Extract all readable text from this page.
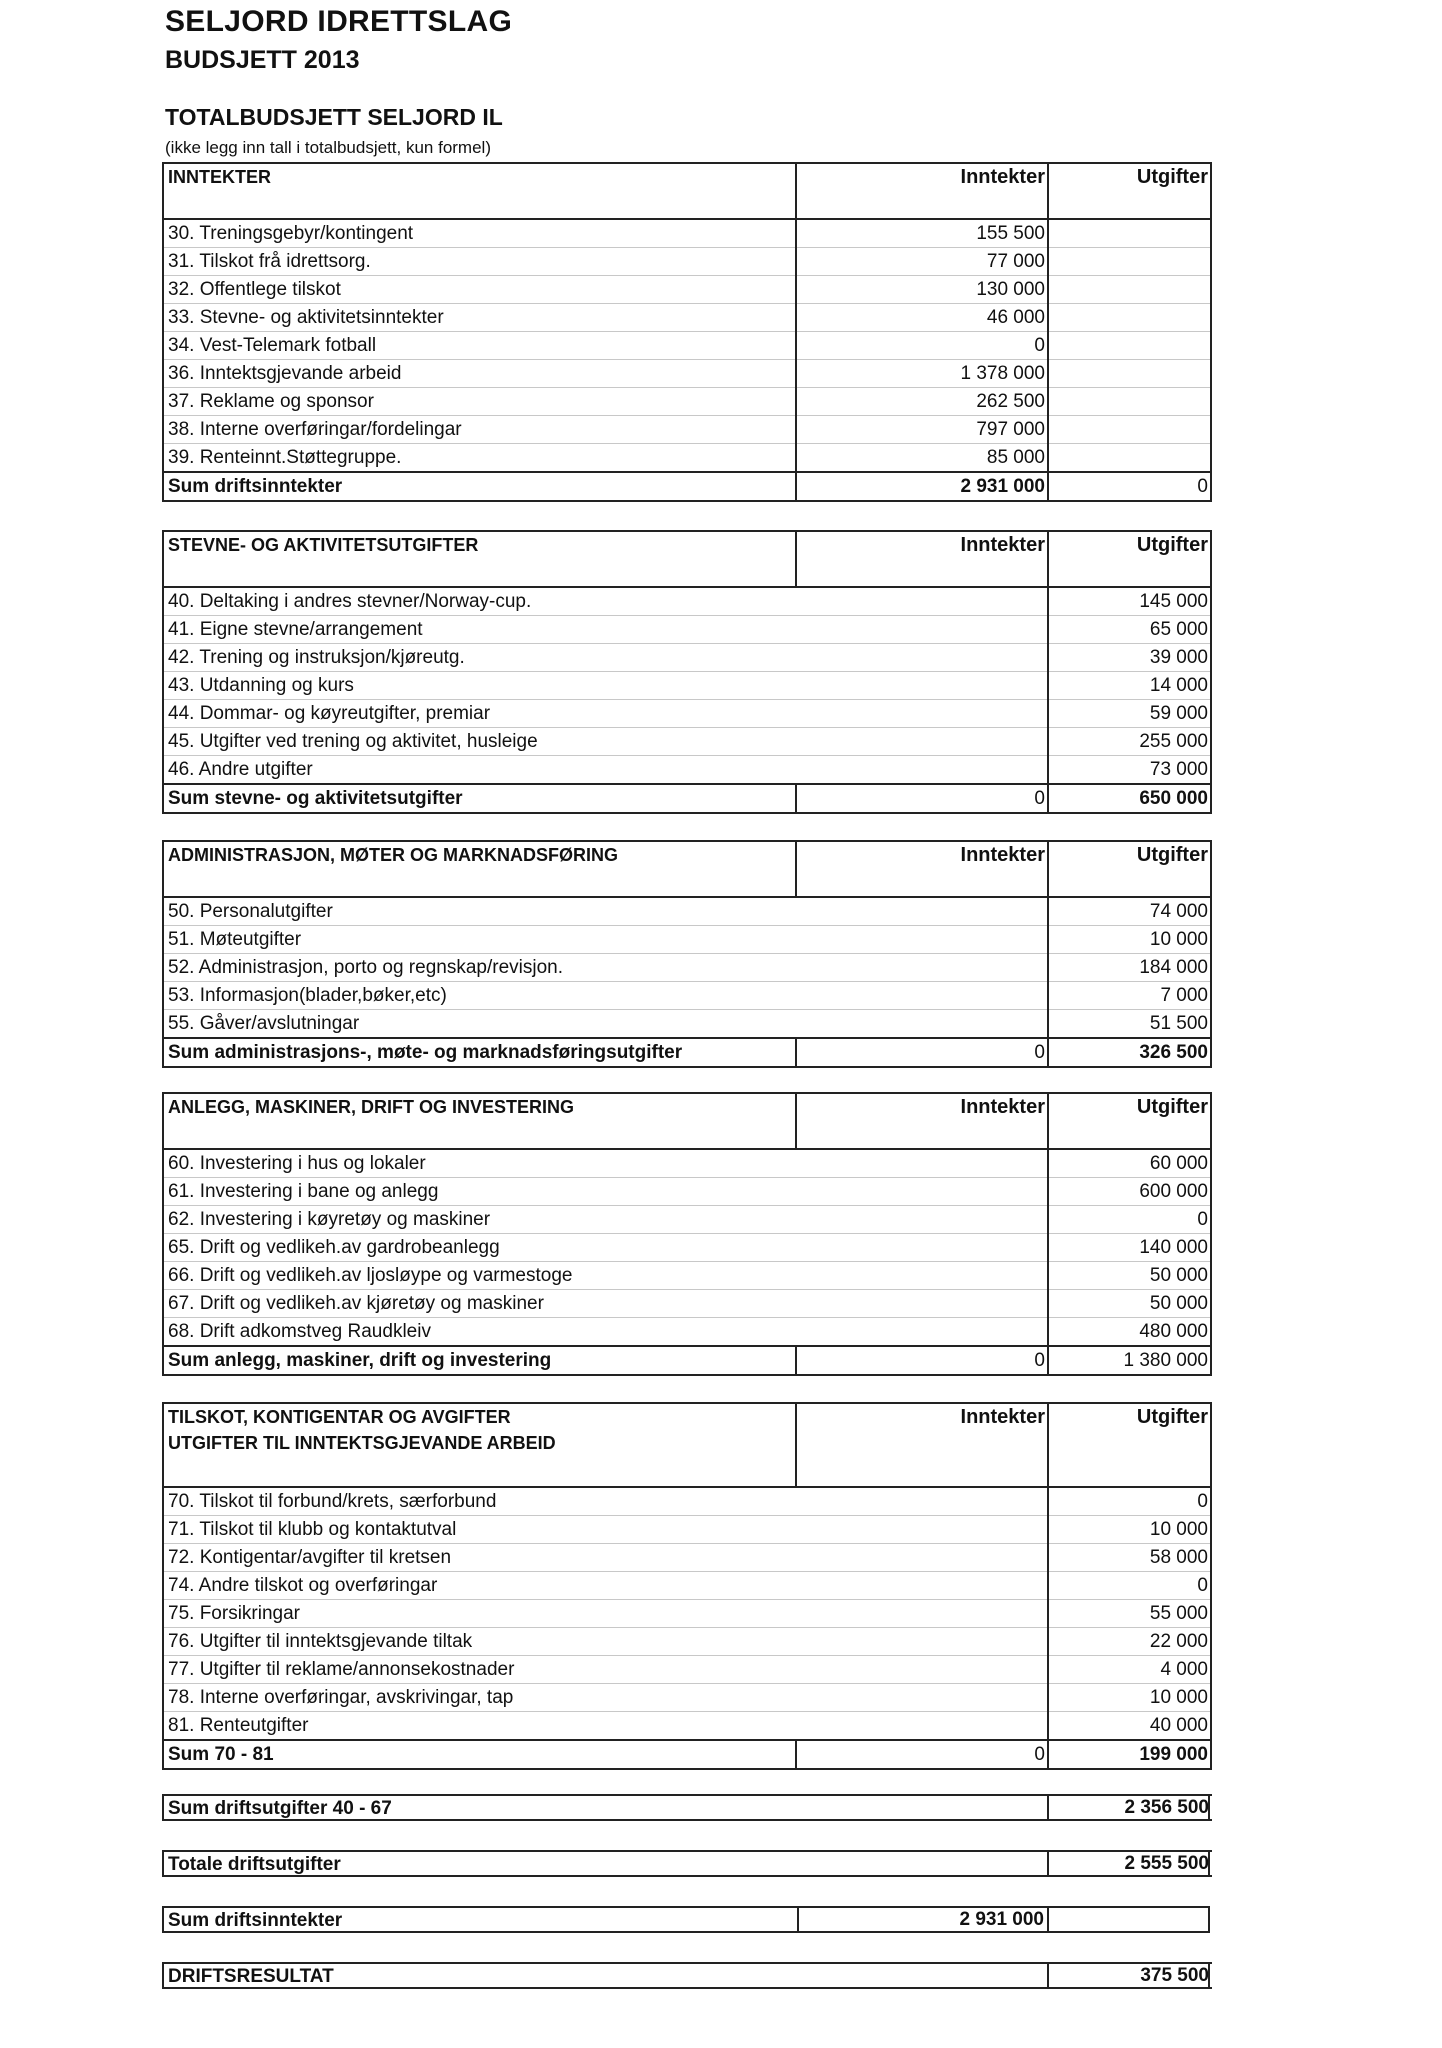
SELJORD IDRETTSLAG
BUDSJETT 2013
TOTALBUDSJETT SELJORD IL
(ikke legg inn tall i totalbudsjett, kun formel)
INNTEKTER	Inntekter	Utgifter
30. Treningsgebyr/kontingent	155 500	
31. Tilskot frå idrettsorg.	77 000	
32. Offentlege tilskot	130 000	
33. Stevne- og aktivitetsinntekter	46 000	
34. Vest-Telemark fotball	0	
36. Inntektsgjevande arbeid	1 378 000	
37. Reklame og sponsor	262 500	
38. Interne overføringar/fordelingar	797 000	
39. Renteinnt.Støttegruppe.	85 000	
Sum driftsinntekter	2 931 000	0
STEVNE- OG AKTIVITETSUTGIFTER	Inntekter	Utgifter
40. Deltaking i andres stevner/Norway-cup.		145 000
41. Eigne stevne/arrangement		65 000
42. Trening og instruksjon/kjøreutg.		39 000
43. Utdanning og kurs		14 000
44. Dommar- og køyreutgifter, premiar		59 000
45. Utgifter ved trening og aktivitet, husleige		255 000
46. Andre utgifter		73 000
Sum stevne- og aktivitetsutgifter	0	650 000
ADMINISTRASJON, MØTER OG MARKNADSFØRING	Inntekter	Utgifter
50. Personalutgifter		74 000
51. Møteutgifter		10 000
52. Administrasjon, porto og regnskap/revisjon.		184 000
53. Informasjon(blader,bøker,etc)		7 000
55. Gåver/avslutningar		51 500
Sum administrasjons-, møte- og marknadsføringsutgifter	0	326 500
ANLEGG, MASKINER, DRIFT OG INVESTERING	Inntekter	Utgifter
60. Investering i hus og lokaler		60 000
61. Investering i bane og anlegg		600 000
62. Investering i køyretøy og maskiner		0
65. Drift og vedlikeh.av gardrobeanlegg		140 000
66. Drift og vedlikeh.av ljosløype og varmestoge		50 000
67. Drift og vedlikeh.av kjøretøy og maskiner		50 000
68. Drift adkomstveg Raudkleiv		480 000
Sum anlegg, maskiner, drift og investering	0	1 380 000
TILSKOT, KONTIGENTAR OG AVGIFTER
UTGIFTER TIL INNTEKTSGJEVANDE ARBEID	Inntekter	Utgifter
70. Tilskot til forbund/krets, særforbund		0
71. Tilskot til klubb og kontaktutval		10 000
72. Kontigentar/avgifter til kretsen		58 000
74. Andre tilskot og overføringar		0
75. Forsikringar		55 000
76. Utgifter til inntektsgjevande tiltak		22 000
77. Utgifter til reklame/annonsekostnader		4 000
78. Interne overføringar, avskrivingar, tap		10 000
81. Renteutgifter		40 000
Sum 70 - 81	0	199 000
Sum driftsutgifter 40 - 67	2 356 500
Totale driftsutgifter	2 555 500
Sum driftsinntekter	2 931 000
DRIFTSRESULTAT	375 500
